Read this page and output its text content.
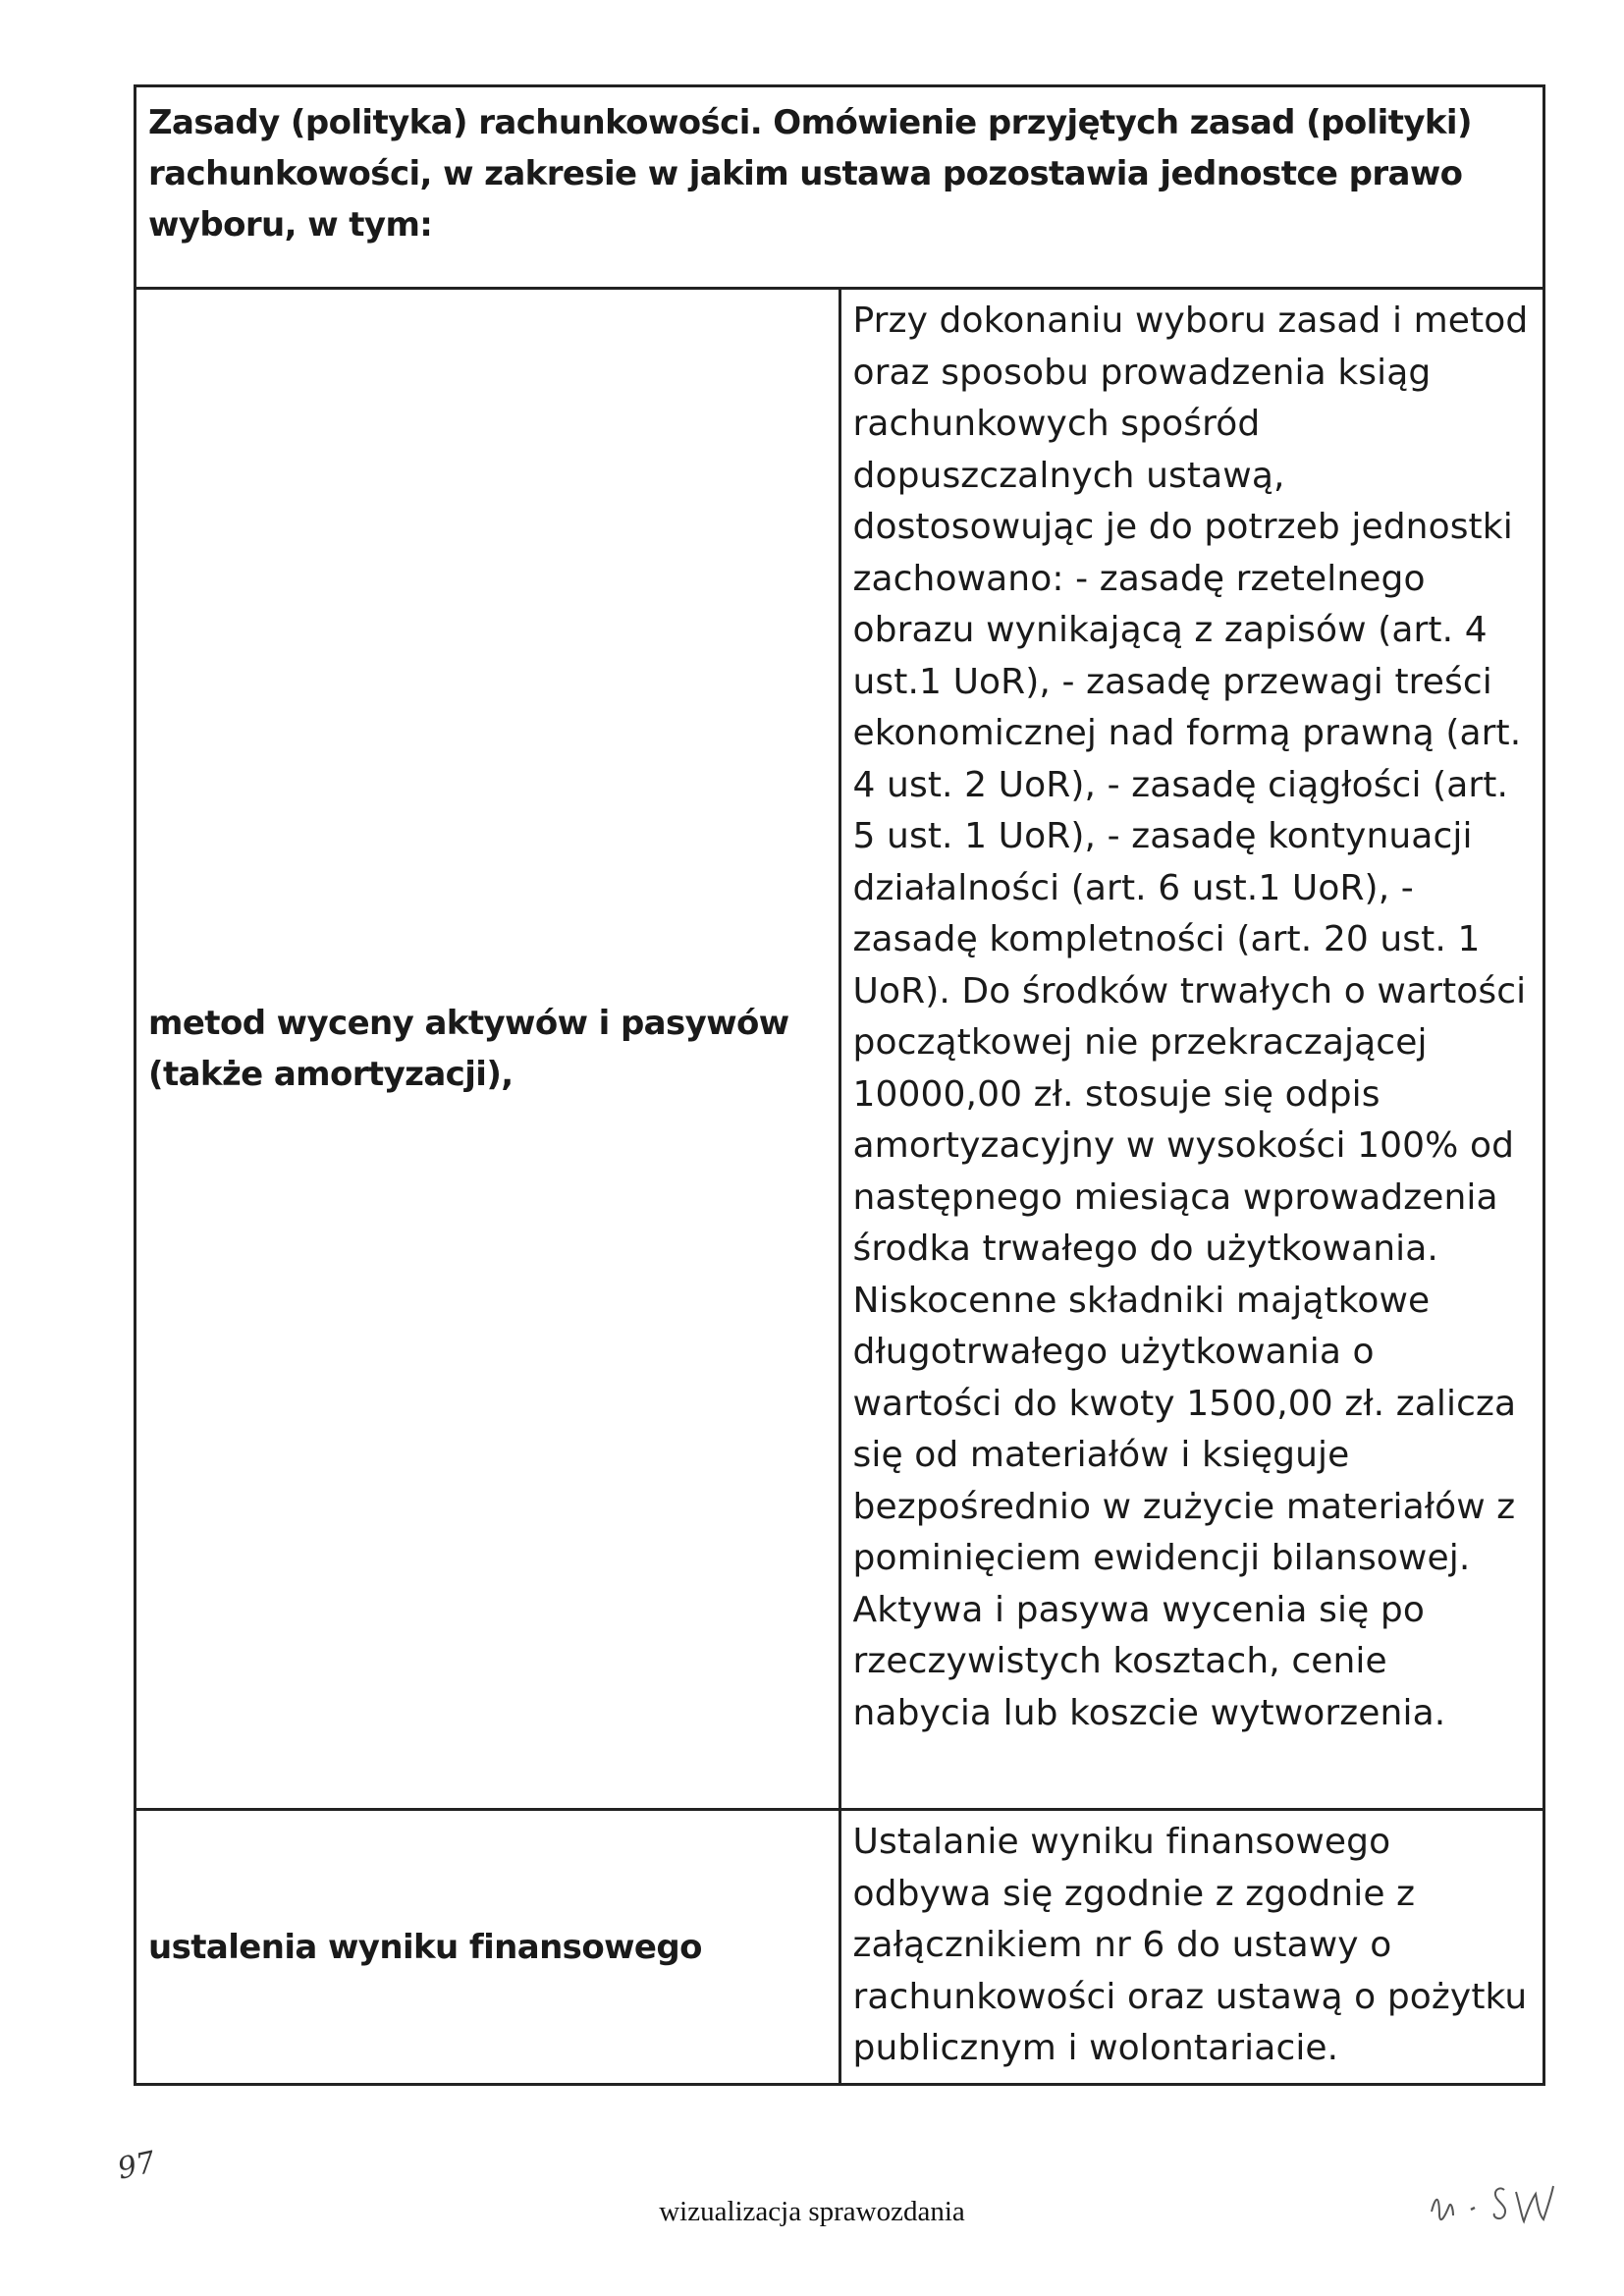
Zasady (polityka) rachunkowości. Omówienie przyjętych zasad (polityki) rachunkowości, w zakresie w jakim ustawa pozostawia jednostce prawo wyboru, w tym:	
metod wyceny aktywów i pasywów (także amortyzacji),	Przy dokonaniu wyboru zasad i metod oraz sposobu prowadzenia ksiąg rachunkowych spośród dopuszczalnych ustawą, dostosowując je do potrzeb jednostki zachowano: - zasadę rzetelnego obrazu wynikającą z zapisów (art. 4 ust.1 UoR), - zasadę przewagi treści ekonomicznej nad formą prawną (art. 4 ust. 2 UoR), - zasadę ciągłości (art. 5 ust. 1 UoR), - zasadę kontynuacji działalności (art. 6 ust.1 UoR), - zasadę kompletności (art. 20 ust. 1 UoR). Do środków trwałych o wartości początkowej nie przekraczającej 10000,00 zł. stosuje się odpis amortyzacyjny w wysokości 100% od następnego miesiąca wprowadzenia środka trwałego do użytkowania. Niskocenne składniki majątkowe długotrwałego użytkowania o wartości do kwoty 1500,00 zł. zalicza się od materiałów i księguje bezpośrednio w zużycie materiałów z pominięciem ewidencji bilansowej. Aktywa i pasywa wycenia się po rzeczywistych kosztach, cenie nabycia lub koszcie wytworzenia.
ustalenia wyniku finansowego	Ustalanie wyniku finansowego odbywa się zgodnie z zgodnie z załącznikiem nr 6 do ustawy o rachunkowości oraz ustawą o pożytku publicznym i wolontariacie.
97
wizualizacja sprawozdania
